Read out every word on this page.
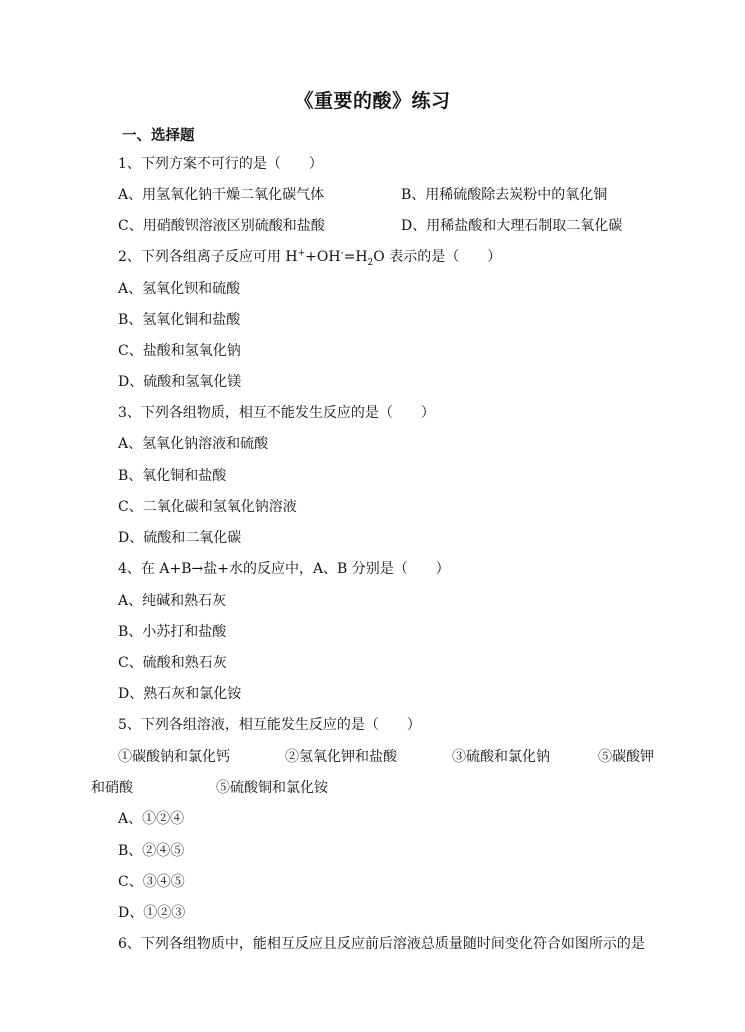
《重要的酸》练习
一、选择题
1、下列方案不可行的是（　　）
A、用氢氧化钠干燥二氧化碳气体	B、用稀硫酸除去炭粉中的氧化铜
C、用硝酸钡溶液区别硫酸和盐酸	D、用稀盐酸和大理石制取二氧化碳
2、下列各组离子反应可用 $H^++OH^-=H_2O$ 表示的是（　　）
A、氢氧化钡和硫酸
B、氢氧化铜和盐酸
C、盐酸和氢氧化钠
D、硫酸和氢氧化镁
3、下列各组物质，相互不能发生反应的是（　　）
A、氢氧化钠溶液和硫酸
B、氧化铜和盐酸
C、二氧化碳和氢氧化钠溶液
D、硫酸和二氧化碳
4、在 A+B→盐+水的反应中，A、B 分别是（　　）
A、纯碱和熟石灰
B、小苏打和盐酸
C、硫酸和熟石灰
D、熟石灰和氯化铵
5、下列各组溶液，相互能发生反应的是（　　）
①碳酸钠和氯化钙	②氢氧化钾和盐酸	③硫酸和氯化钠	⑤碳酸钾
和硝酸	⑤硫酸铜和氯化铵
A、①②④
B、②④⑤
C、③④⑤
D、①②③
6、下列各组物质中，能相互反应且反应前后溶液总质量随时间变化符合如图所示的是
